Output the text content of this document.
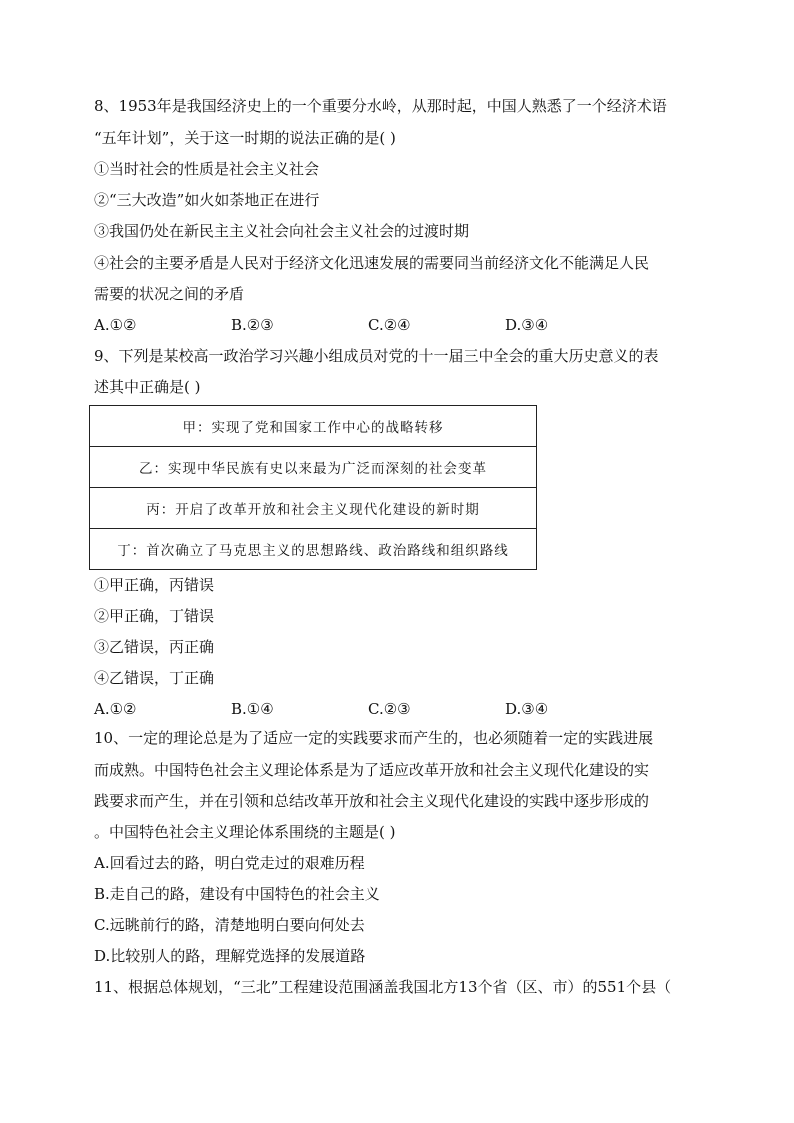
8、1953年是我国经济史上的一个重要分水岭，从那时起，中国人熟悉了一个经济术语
“五年计划”，关于这一时期的说法正确的是( )
①当时社会的性质是社会主义社会
②“三大改造”如火如荼地正在进行
③我国仍处在新民主主义社会向社会主义社会的过渡时期
④社会的主要矛盾是人民对于经济文化迅速发展的需要同当前经济文化不能满足人民
需要的状况之间的矛盾
A.①②	B.②③	C.②④	D.③④
9、下列是某校高一政治学习兴趣小组成员对党的十一届三中全会的重大历史意义的表
述其中正确是( )
甲：实现了党和国家工作中心的战略转移
乙：实现中华民族有史以来最为广泛而深刻的社会变革
丙：开启了改革开放和社会主义现代化建设的新时期
丁：首次确立了马克思主义的思想路线、政治路线和组织路线
①甲正确，丙错误
②甲正确，丁错误
③乙错误，丙正确
④乙错误，丁正确
A.①②	B.①④	C.②③	D.③④
10、一定的理论总是为了适应一定的实践要求而产生的，也必须随着一定的实践进展
而成熟。中国特色社会主义理论体系是为了适应改革开放和社会主义现代化建设的实
践要求而产生，并在引领和总结改革开放和社会主义现代化建设的实践中逐步形成的
。中国特色社会主义理论体系围绕的主题是( )
A.回看过去的路，明白党走过的艰难历程
B.走自己的路，建设有中国特色的社会主义
C.远眺前行的路，清楚地明白要向何处去
D.比较别人的路，理解党选择的发展道路
11、根据总体规划，“三北”工程建设范围涵盖我国北方13个省（区、市）的551个县（
